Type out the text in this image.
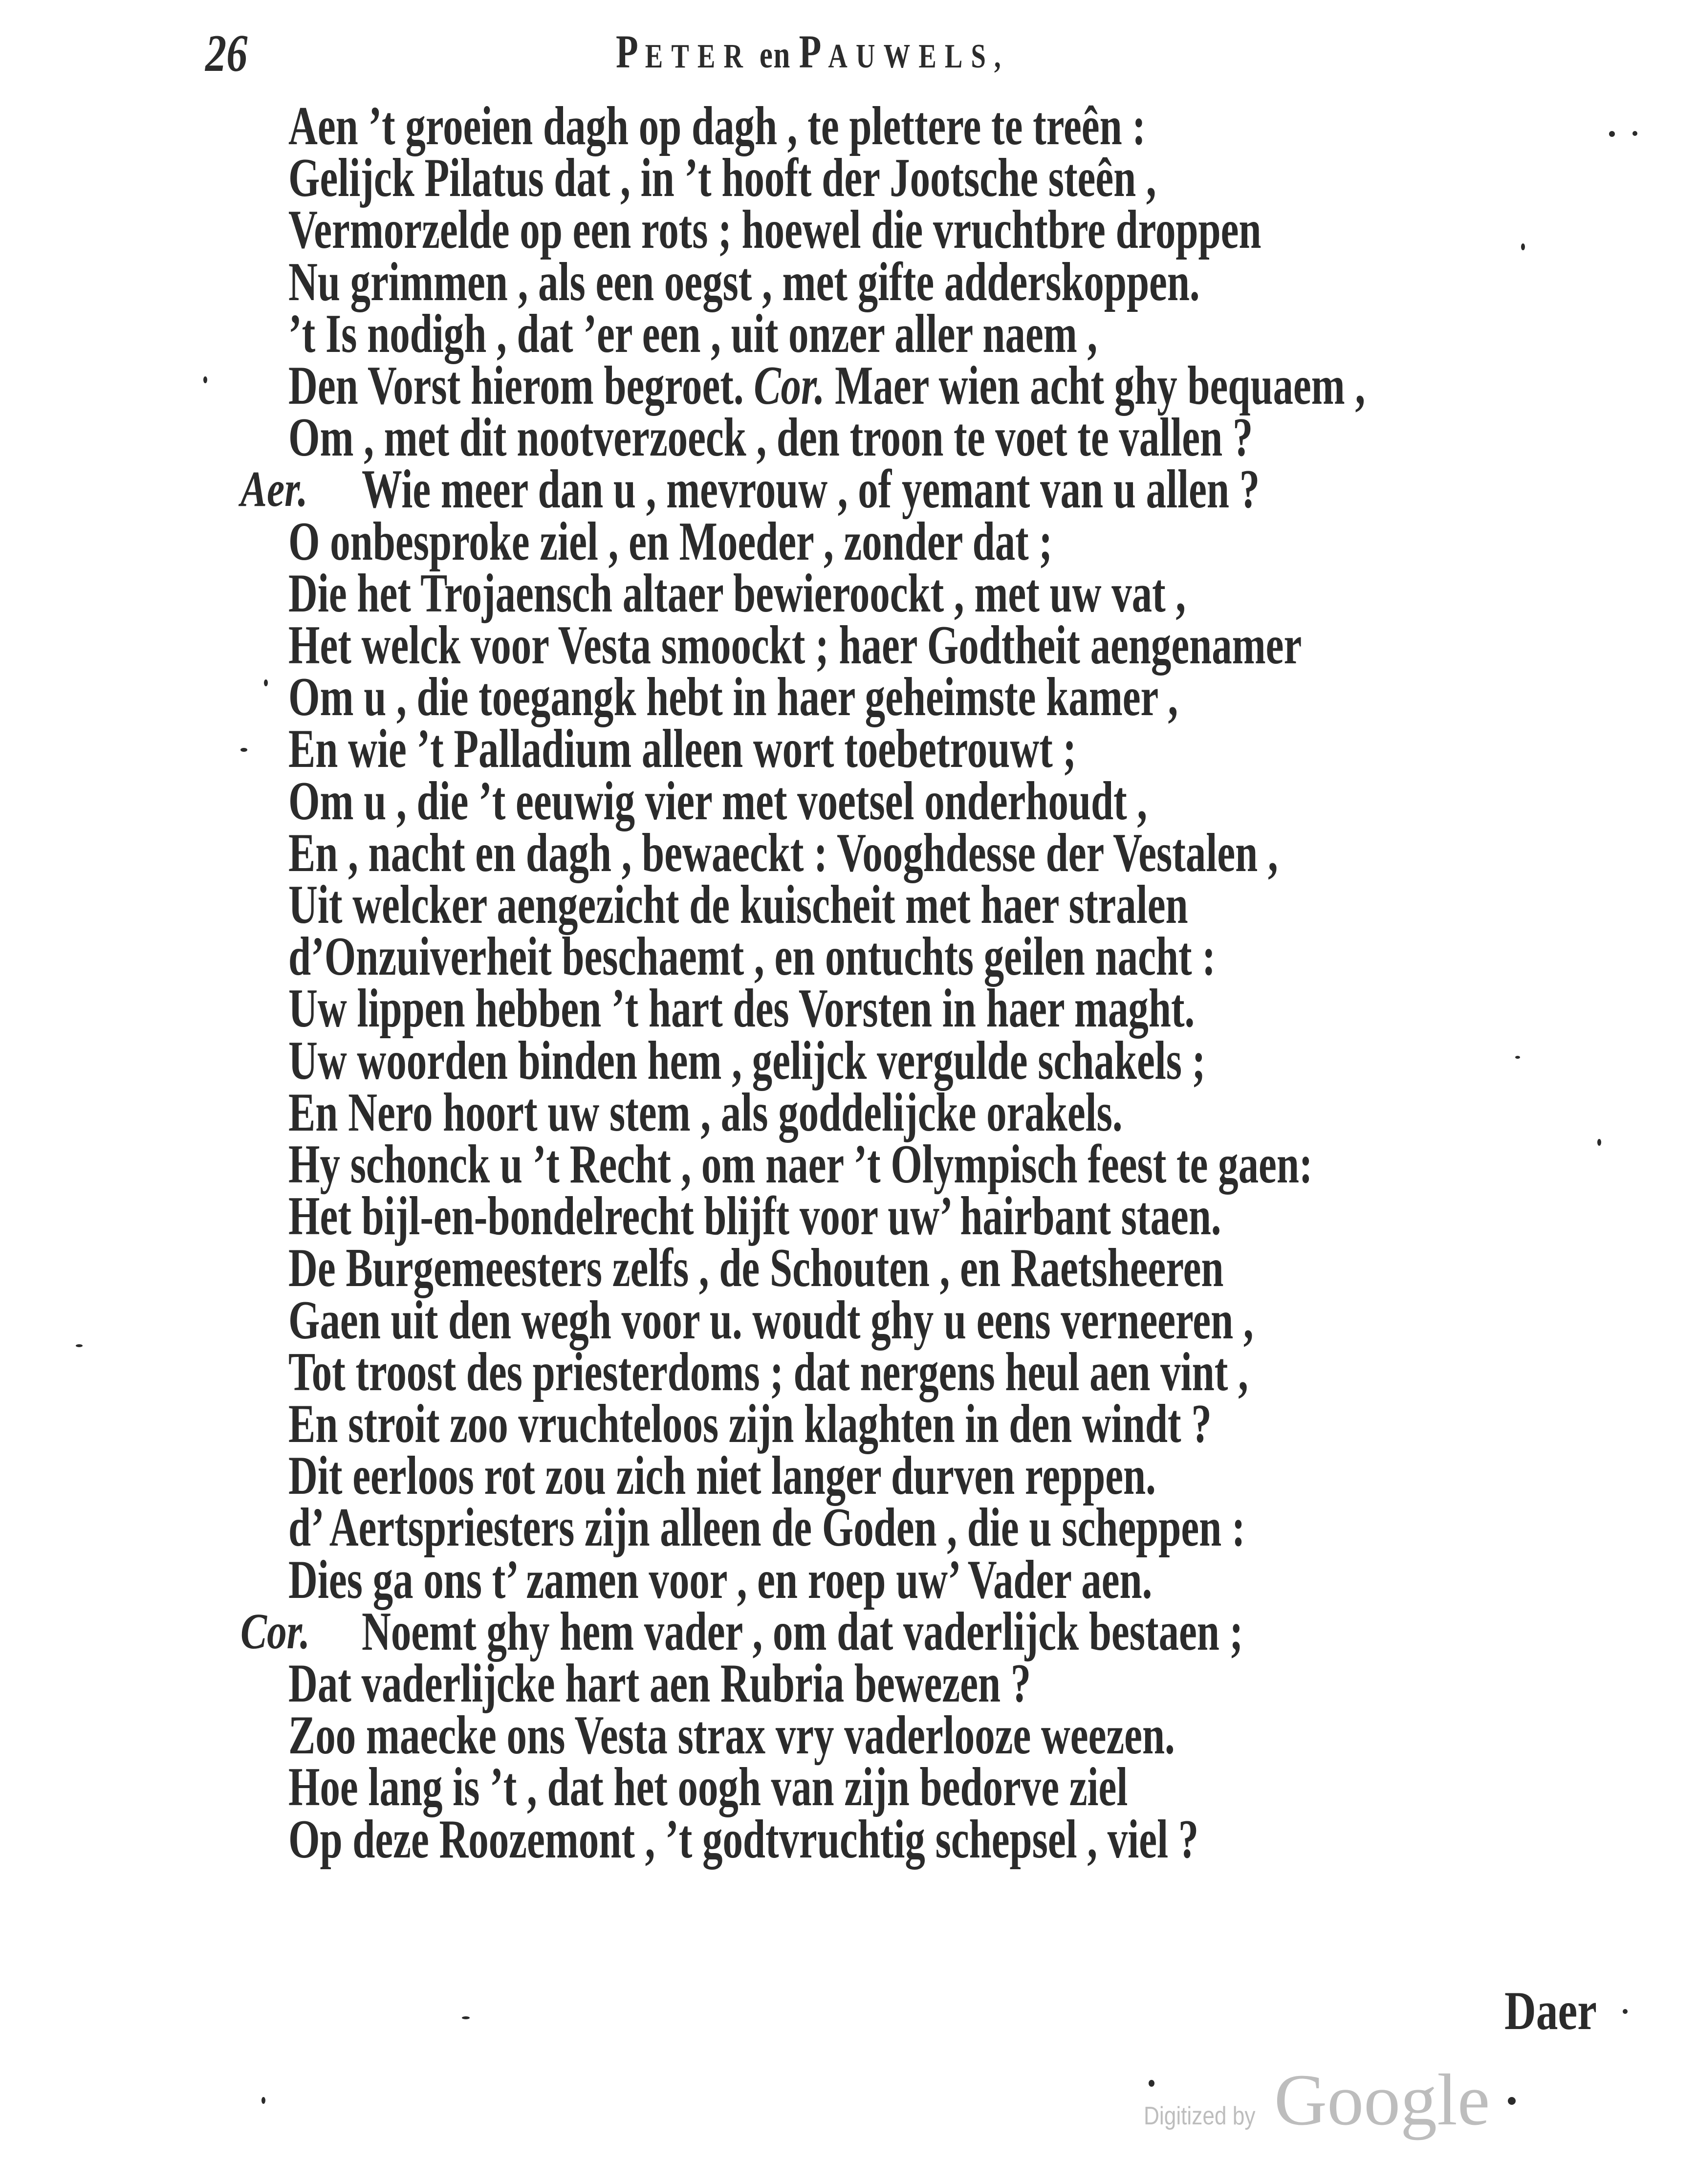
26	PETER en PAUWELS,
Aen ’t groeien dagh op dagh , te plettere te treên :
Gelijck Pilatus dat , in ’t hooft der Jootsche steên ,
Vermorzelde op een rots ; hoewel die vruchtbre droppen
Nu grimmen , als een oegst , met gifte adderskoppen.
’t Is nodigh , dat ’er een , uit onzer aller naem ,
Den Vorst hierom begroet. Cor. Maer wien acht ghy bequaem ,
Om , met dit nootverzoeck , den troon te voet te vallen ?
Aer. Wie meer dan u , mevrouw , of yemant van u allen ?
O onbesproke ziel , en Moeder , zonder dat ;
Die het Trojaensch altaer bewieroockt , met uw vat ,
Het welck voor Vesta smoockt ; haer Godtheit aengenamer
Om u , die toegangk hebt in haer geheimste kamer ,
En wie ’t Palladium alleen wort toebetrouwt ;
Om u , die ’t eeuwig vier met voetsel onderhoudt ,
En , nacht en dagh , bewaeckt : Vooghdesse der Vestalen ,
Uit welcker aengezicht de kuischeit met haer stralen
d’Onzuiverheit beschaemt , en ontuchts geilen nacht :
Uw lippen hebben ’t hart des Vorsten in haer maght.
Uw woorden binden hem , gelijck vergulde schakels ;
En Nero hoort uw stem , als goddelijcke orakels.
Hy schonck u ’t Recht , om naer ’t Olympisch feest te gaen:
Het bijl-en-bondelrecht blijft voor uw’ hairbant staen.
De Burgemeesters zelfs , de Schouten , en Raetsheeren
Gaen uit den wegh voor u. woudt ghy u eens verneeren ,
Tot troost des priesterdoms ; dat nergens heul aen vint ,
En stroit zoo vruchteloos zijn klaghten in den windt ?
Dit eerloos rot zou zich niet langer durven reppen.
d’ Aertspriesters zijn alleen de Goden , die u scheppen :
Dies ga ons t’ zamen voor , en roep uw’ Vader aen.
Cor. Noemt ghy hem vader , om dat vaderlijck bestaen ;
Dat vaderlijcke hart aen Rubria bewezen ?
Zoo maecke ons Vesta strax vry vaderlooze weezen.
Hoe lang is ’t , dat het oogh van zijn bedorve ziel
Op deze Roozemont , ’t godtvruchtig schepsel , viel ?
Daer
Digitized by Google
